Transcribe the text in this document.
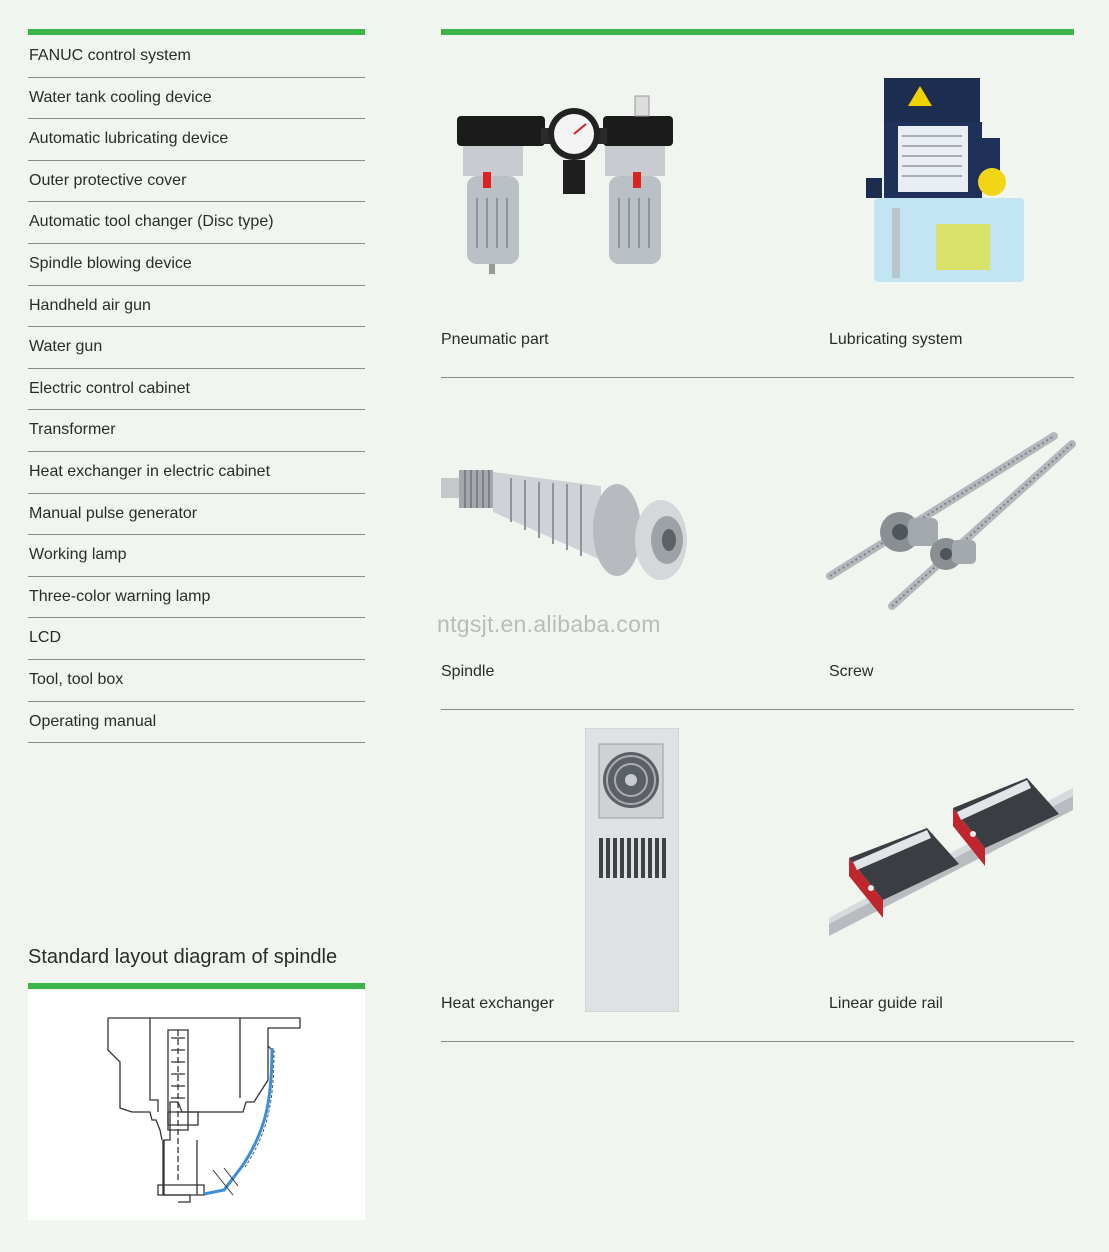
FANUC control system
Water tank cooling device
Automatic lubricating device
Outer protective cover
Automatic tool changer (Disc type)
Spindle blowing device
Handheld air gun
Water gun
Electric control cabinet
Transformer
Heat exchanger in electric cabinet
Manual pulse generator
Working lamp
Three-color warning lamp
LCD
Tool, tool box
Operating manual
Standard layout diagram of spindle
Pneumatic part	Lubricating system
ntgsjt.en.alibaba.com
Spindle	Screw
Heat exchanger	Linear guide rail
